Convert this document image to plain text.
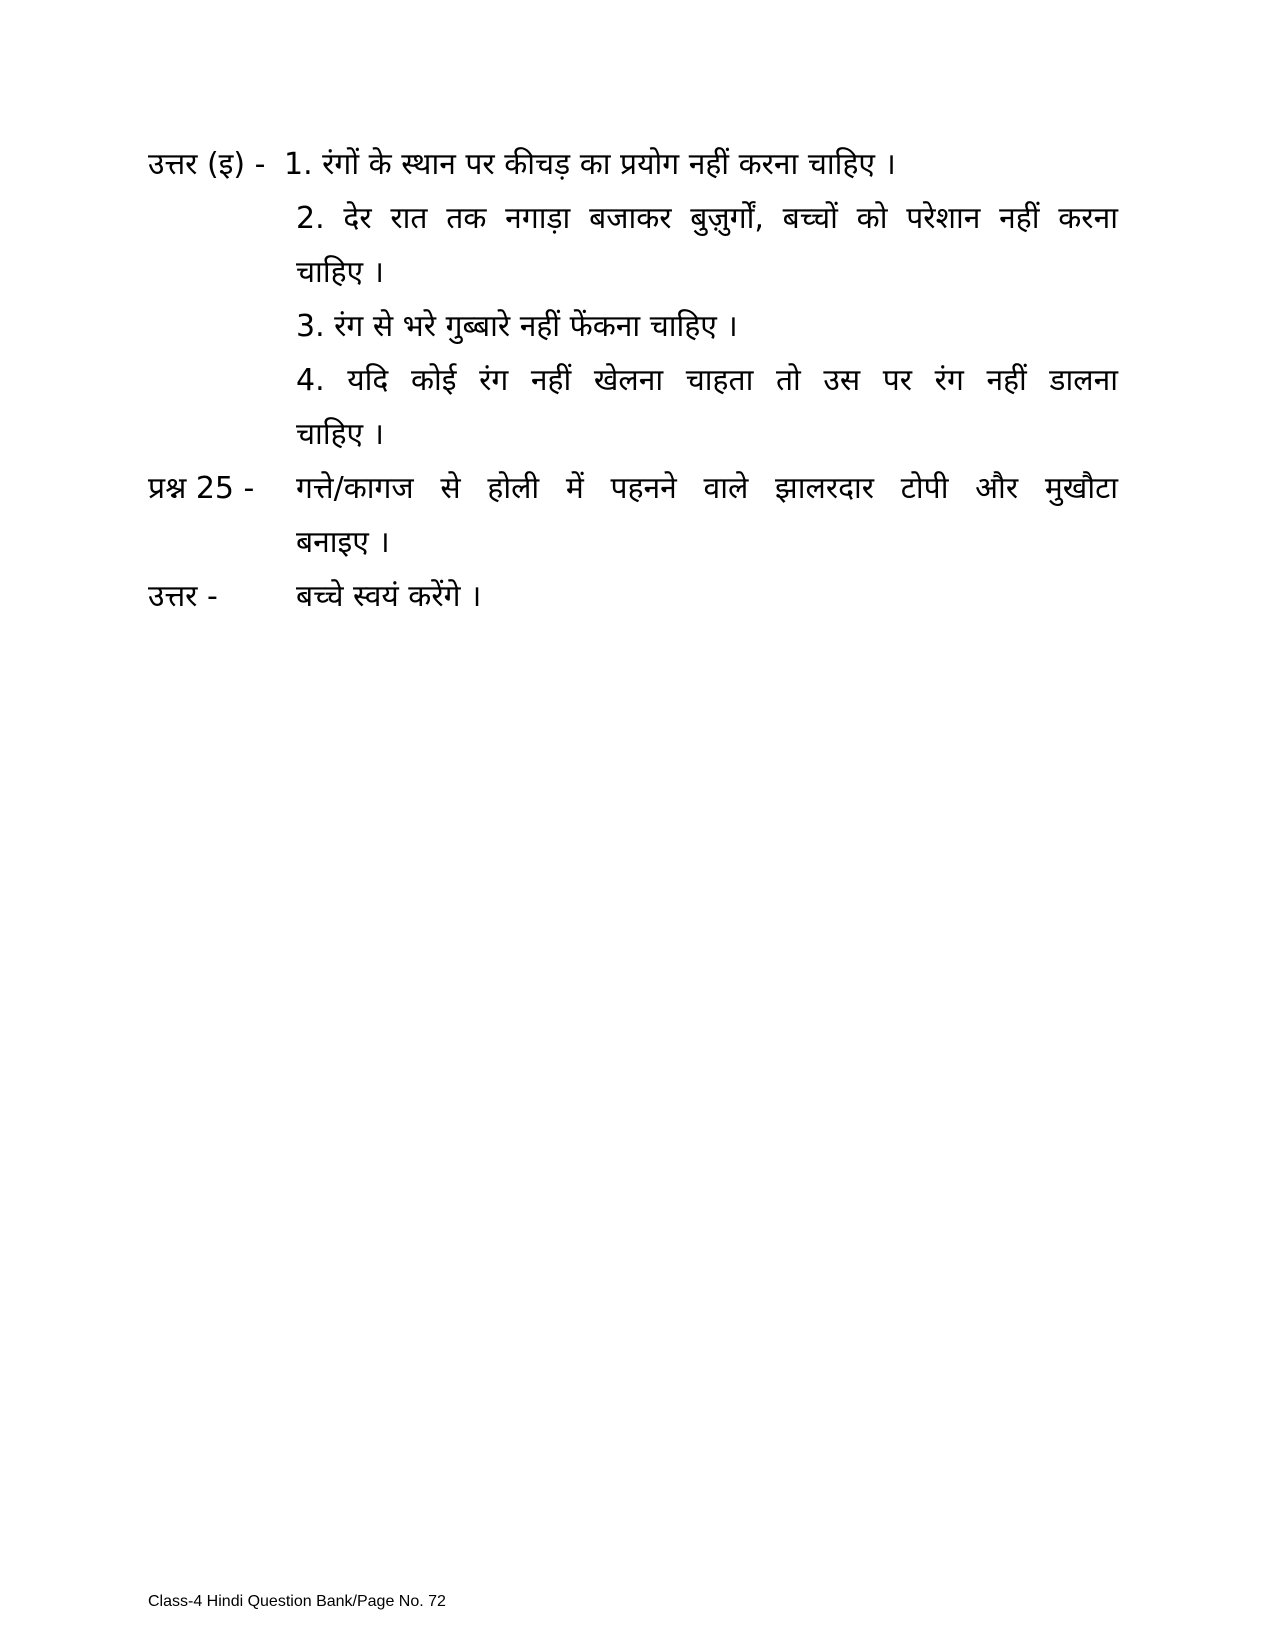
उत्तर (इ) - 1. रंगों के स्थान पर कीचड़ का प्रयोग नहीं करना चाहिए ।
2. देर रात तक नगाड़ा बजाकर बुज़ुर्गों, बच्चों को परेशान नहीं करना
चाहिए ।
3. रंग से भरे गुब्बारे नहीं फेंकना चाहिए ।
4. यदि कोई रंग नहीं खेलना चाहता तो उस पर रंग नहीं डालना
चाहिए ।
प्रश्न 25 - गत्ते/कागज से होली में पहनने वाले झालरदार टोपी और मुखौटा
बनाइए ।
उत्तर -	बच्चे स्वयं करेंगे ।
Class-4 Hindi Question Bank/Page No. 72
